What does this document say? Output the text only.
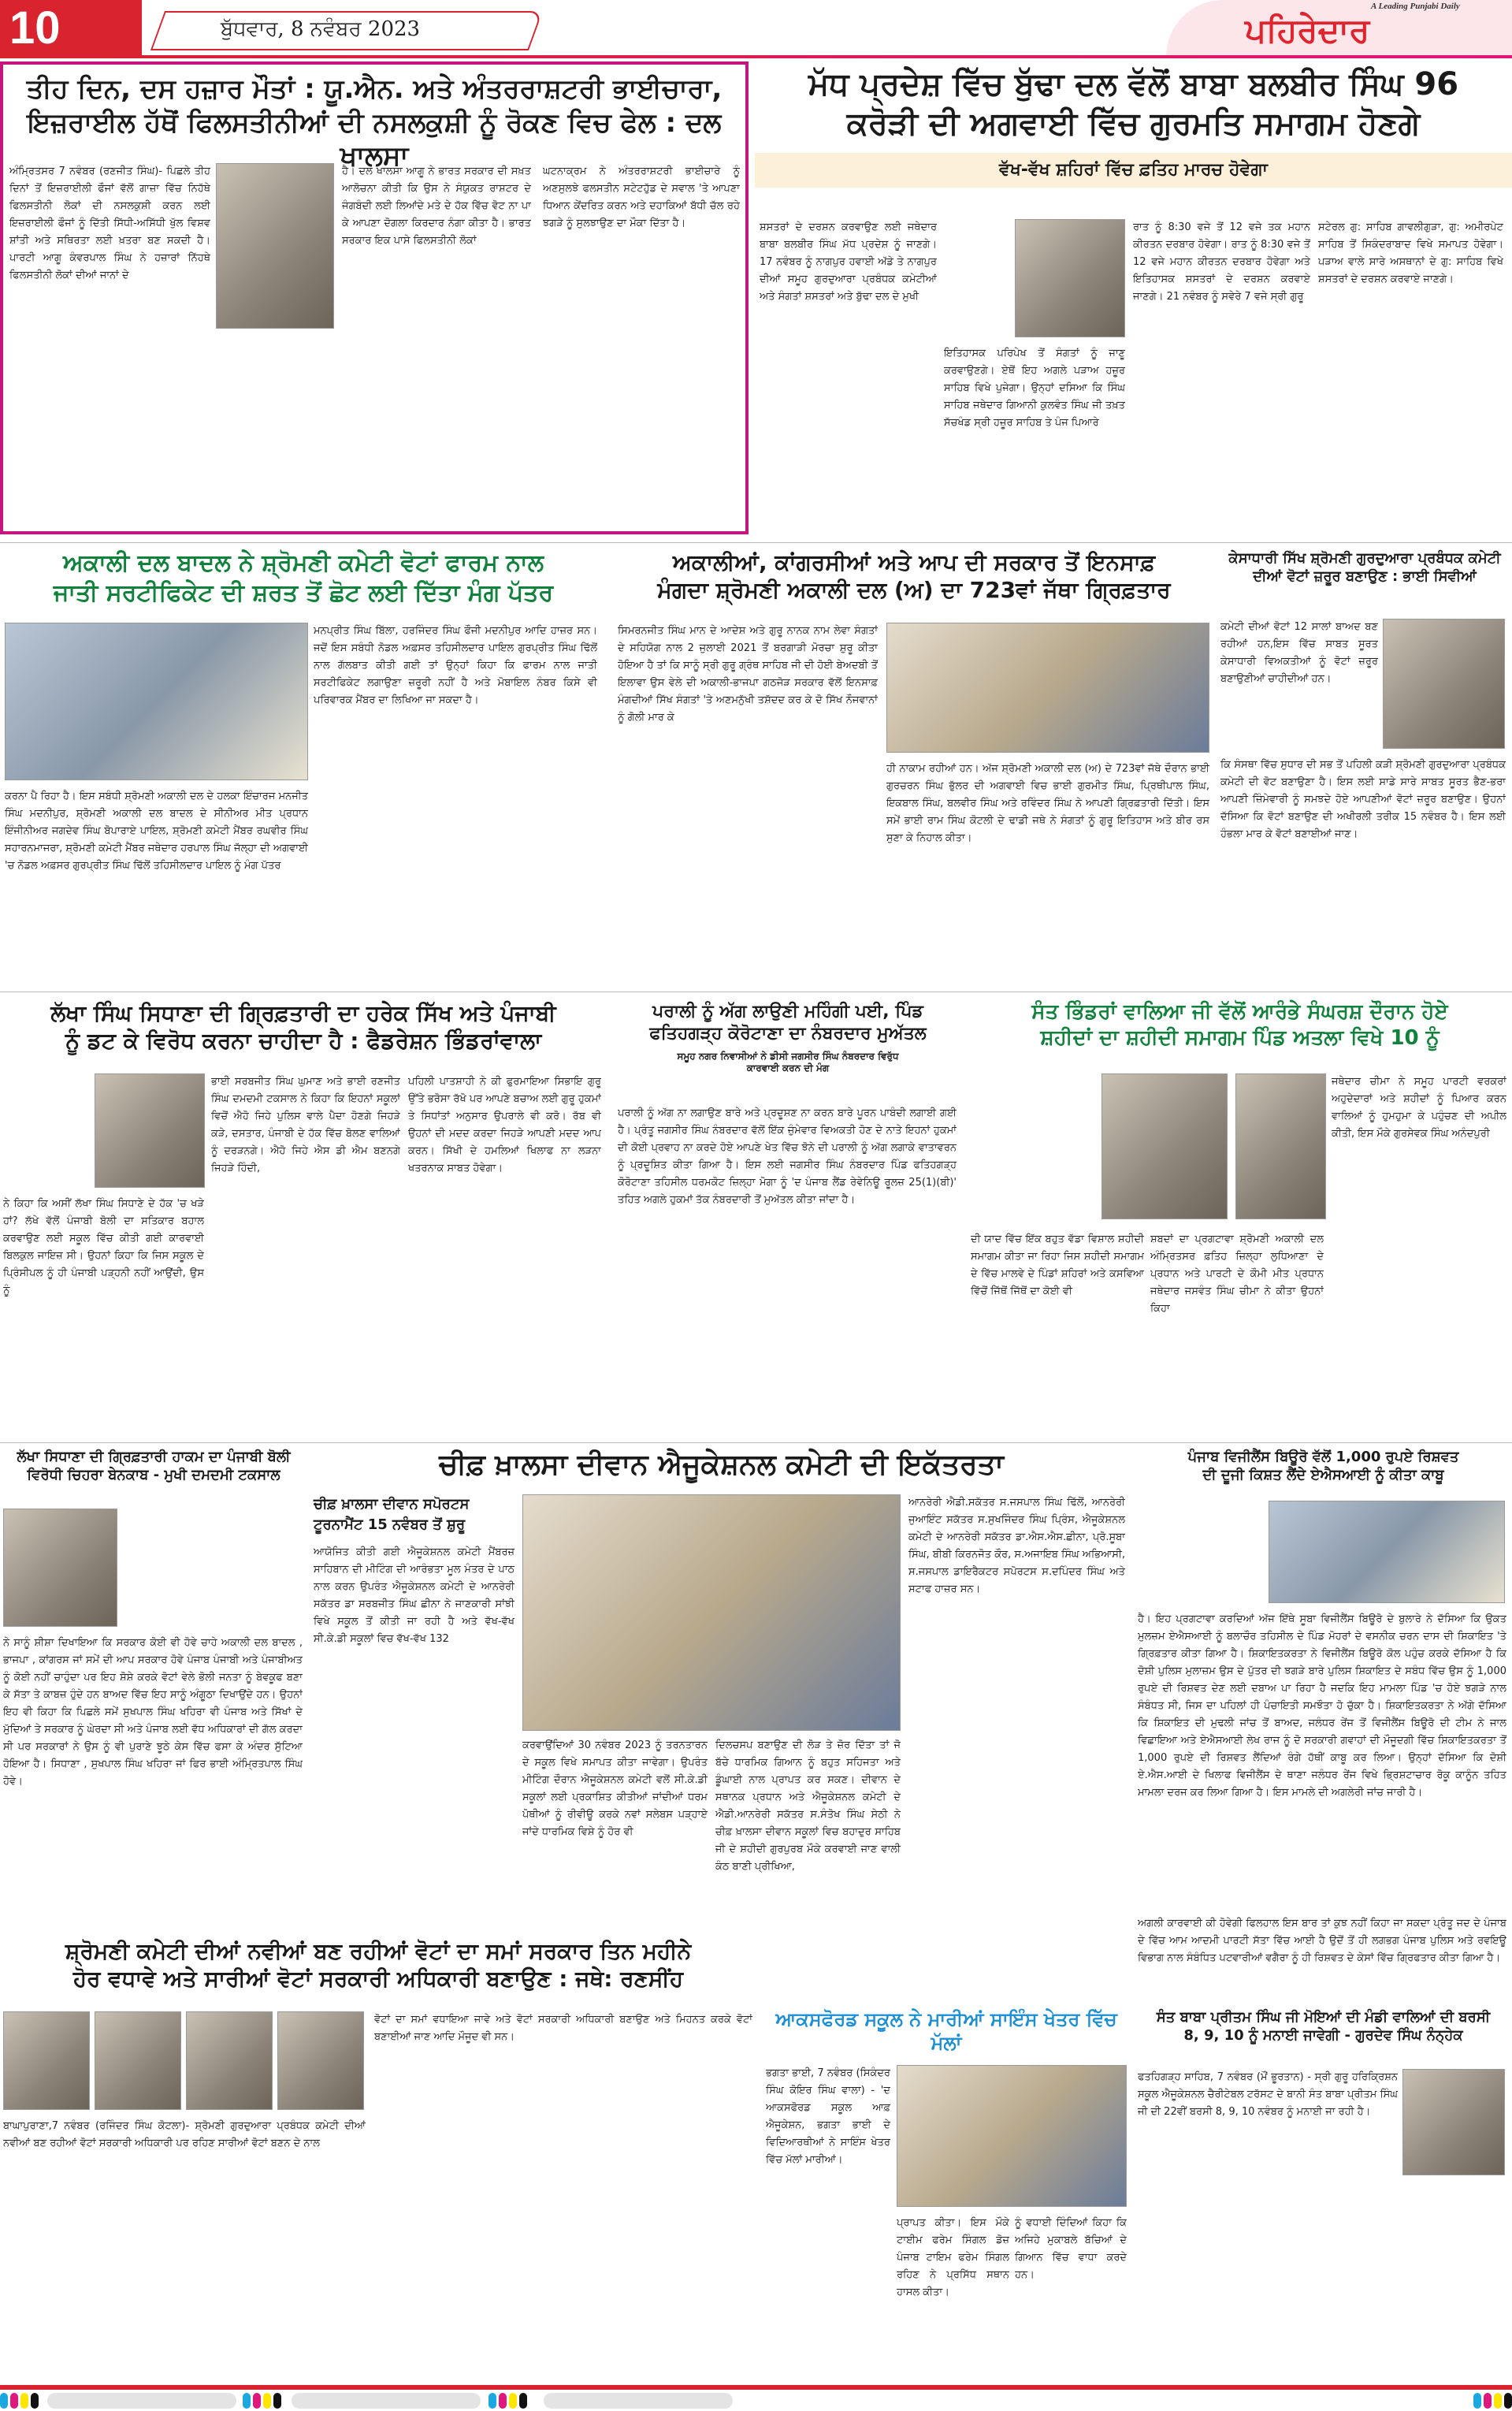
10	ਬੁੱਧਵਾਰ, 8 ਨਵੰਬਰ 2023	ਪਹਿਰੇਦਾਰ
A Leading Punjabi Daily
ਤੀਹ ਦਿਨ, ਦਸ ਹਜ਼ਾਰ ਮੌਤਾਂ : ਯੂ.ਐਨ. ਅਤੇ ਅੰਤਰਰਾਸ਼ਟਰੀ ਭਾਈਚਾਰਾ,
ਇਜ਼ਰਾਈਲ ਹੱਥੋਂ ਫਿਲਸਤੀਨੀਆਂ ਦੀ ਨਸਲਕੁਸ਼ੀ ਨੂੰ ਰੋਕਣ ਵਿਚ ਫੇਲ : ਦਲ ਖਾਲਸਾ
ਅੰਮ੍ਰਿਤਸਰ 7 ਨਵੰਬਰ (ਰਣਜੀਤ ਸਿੰਘ)- ਪਿਛਲੇ ਤੀਹ ਦਿਨਾਂ ਤੋਂ ਇਜ਼ਰਾਈਲੀ ਫੌਜਾਂ ਵੱਲੋਂ ਗਾਜ਼ਾ ਵਿੱਚ ਨਿਹੱਥੇ ਫਿਲਸਤੀਨੀ ਲੋਕਾਂ ਦੀ ਨਸਲਕੁਸ਼ੀ ਕਰਨ ਲਈ ਇਜ਼ਰਾਈਲੀ ਫੌਜਾਂ ਨੂੰ ਦਿੱਤੀ ਸਿੱਧੀ-ਅਸਿੱਧੀ ਖੁੱਲ ਵਿਸ਼ਵ ਸ਼ਾਂਤੀ ਅਤੇ ਸਥਿਰਤਾ ਲਈ ਖ਼ਤਰਾ ਬਣ ਸਕਦੀ ਹੈ। ਪਾਰਟੀ ਆਗੂ ਕੰਵਰਪਾਲ ਸਿੰਘ ਨੇ ਹਜ਼ਾਰਾਂ ਨਿੱਹਥੇ ਫਿਲਸਤੀਨੀ ਲੋਕਾਂ ਦੀਆਂ ਜਾਨਾਂ ਦੇ
ਹੈ। ਦਲ ਖਾਲਸਾ ਆਗੂ ਨੇ ਭਾਰਤ ਸਰਕਾਰ ਦੀ ਸਖ਼ਤ ਆਲੋਚਨਾ ਕੀਤੀ ਕਿ ਉਸ ਨੇ ਸੰਯੁਕਤ ਰਾਸ਼ਟਰ ਦੇ ਜੰਗਬੰਦੀ ਲਈ ਲਿਆਂਦੇ ਮਤੇ ਦੇ ਹੱਕ ਵਿੱਚ ਵੋਟ ਨਾ ਪਾ ਕੇ ਆਪਣਾ ਦੋਗਲਾ ਕਿਰਦਾਰ ਨੰਗਾ ਕੀਤਾ ਹੈ। ਭਾਰਤ ਸਰਕਾਰ ਇਕ ਪਾਸੇ ਫਿਲਸਤੀਨੀ ਲੋਕਾਂ
ਘਟਨਾਕ੍ਰਮ ਨੇ ਅੰਤਰਰਾਸ਼ਟਰੀ ਭਾਈਚਾਰੇ ਨੂੰ ਅਣਸੁਲਝੇ ਫਲਸਤੀਨ ਸਟੇਟਹੁੱਡ ਦੇ ਸਵਾਲ 'ਤੇ ਆਪਣਾ ਧਿਆਨ ਕੇਂਦਰਿਤ ਕਰਨ ਅਤੇ ਦਹਾਕਿਆਂ ਬੱਧੀ ਚੱਲ ਰਹੇ ਝਗੜੇ ਨੂੰ ਸੁਲਝਾਉਣ ਦਾ ਮੌਕਾ ਦਿੱਤਾ ਹੈ।
ਮੱਧ ਪ੍ਰਦੇਸ਼ ਵਿੱਚ ਬੁੱਢਾ ਦਲ ਵੱਲੋਂ ਬਾਬਾ ਬਲਬੀਰ ਸਿੰਘ 96
ਕਰੋੜੀ ਦੀ ਅਗਵਾਈ ਵਿੱਚ ਗੁਰਮਤਿ ਸਮਾਗਮ ਹੋਣਗੇ
ਵੱਖ-ਵੱਖ ਸ਼ਹਿਰਾਂ ਵਿੱਚ ਫ਼ਤਿਹ ਮਾਰਚ ਹੋਵੇਗਾ
ਸ਼ਸਤਰਾਂ ਦੇ ਦਰਸ਼ਨ ਕਰਵਾਉਣ ਲਈ ਜਥੇਦਾਰ ਬਾਬਾ ਬਲਬੀਰ ਸਿੰਘ ਮੱਧ ਪ੍ਰਦੇਸ਼ ਨੂੰ ਜਾਣਗੇ। 17 ਨਵੰਬਰ ਨੂੰ ਨਾਗਪੁਰ ਹਵਾਈ ਅੱਡੇ ਤੇ ਨਾਗਪੁਰ ਦੀਆਂ ਸਮੂਹ ਗੁਰਦੁਆਰਾ ਪ੍ਰਬੰਧਕ ਕਮੇਟੀਆਂ ਅਤੇ ਸੰਗਤਾਂ ਸ਼ਸਤਰਾਂ ਅਤੇ ਬੁੱਢਾ ਦਲ ਦੇ ਮੁਖੀ
ਇਤਿਹਾਸਕ ਪਰਿਪੇਖ ਤੋਂ ਸੰਗਤਾਂ ਨੂੰ ਜਾਣੂ ਕਰਵਾਉਣਗੇ। ਏਥੋਂ ਇਹ ਅਗਲੇ ਪੜਾਅ ਹਜ਼ੂਰ ਸਾਹਿਬ ਵਿਖੇ ਪੁਜੇਗਾ। ਉਨ੍ਹਾਂ ਦਸਿਆ ਕਿ ਸਿੰਘ ਸਾਹਿਬ ਜਥੇਦਾਰ ਗਿਆਨੀ ਕੁਲਵੰਤ ਸਿੰਘ ਜੀ ਤਖ਼ਤ ਸੱਚਖੰਡ ਸ੍ਰੀ ਹਜ਼ੂਰ ਸਾਹਿਬ ਤੇ ਪੰਜ ਪਿਆਰੇ
ਰਾਤ ਨੂੰ 8:30 ਵਜੇ ਤੋਂ 12 ਵਜੇ ਤਕ ਮਹਾਨ ਕੀਰਤਨ ਦਰਬਾਰ ਹੋਵੇਗਾ। ਰਾਤ ਨੂੰ 8:30 ਵਜੇ ਤੋਂ 12 ਵਜੇ ਮਹਾਨ ਕੀਰਤਨ ਦਰਬਾਰ ਹੋਵੇਗਾ ਅਤੇ ਇਤਿਹਾਸਕ ਸ਼ਸਤਰਾਂ ਦੇ ਦਰਸ਼ਨ ਕਰਵਾਏ ਜਾਣਗੇ। 21 ਨਵੰਬਰ ਨੂੰ ਸਵੇਰੇ 7 ਵਜੇ ਸ੍ਰੀ ਗੁਰੂ
ਸਟੇਰਲ ਗੁ: ਸਾਹਿਬ ਗਾਵਲੀਗੁੜਾ, ਗੁ: ਅਮੀਰਪੇਟ ਸਾਹਿਬ ਤੋਂ ਸਿਕੰਦਰਾਬਾਦ ਵਿਖੇ ਸਮਾਪਤ ਹੋਵੇਗਾ। ਪੜਾਅ ਵਾਲੇ ਸਾਰੇ ਅਸਥਾਨਾਂ ਦੇ ਗੁ: ਸਾਹਿਬ ਵਿਖੇ ਸ਼ਸਤਰਾਂ ਦੇ ਦਰਸ਼ਨ ਕਰਵਾਏ ਜਾਣਗੇ।
ਅਕਾਲੀ ਦਲ ਬਾਦਲ ਨੇ ਸ਼੍ਰੋਮਣੀ ਕਮੇਟੀ ਵੋਟਾਂ ਫਾਰਮ ਨਾਲ
ਜਾਤੀ ਸਰਟੀਫਿਕੇਟ ਦੀ ਸ਼ਰਤ ਤੋਂ ਛੋਟ ਲਈ ਦਿੱਤਾ ਮੰਗ ਪੱਤਰ
ਮਨਪ੍ਰੀਤ ਸਿੰਘ ਬਿੱਲਾ, ਹਰਜਿੰਦਰ ਸਿੰਘ ਫੌਜੀ ਮਦਨੀਪੁਰ ਆਦਿ ਹਾਜ਼ਰ ਸਨ। ਜਦੋਂ ਇਸ ਸਬੰਧੀ ਨੋਡਲ ਅਫ਼ਸਰ ਤਹਿਸੀਲਦਾਰ ਪਾਇਲ ਗੁਰਪ੍ਰੀਤ ਸਿੰਘ ਢਿੱਲੋਂ ਨਾਲ ਗੱਲਬਾਤ ਕੀਤੀ ਗਈ ਤਾਂ ਉਨ੍ਹਾਂ ਕਿਹਾ ਕਿ ਫਾਰਮ ਨਾਲ ਜਾਤੀ ਸਰਟੀਫਿਕੇਟ ਲਗਾਉਣਾ ਜ਼ਰੂਰੀ ਨਹੀਂ ਹੈ ਅਤੇ ਮੋਬਾਇਲ ਨੰਬਰ ਕਿਸੇ ਵੀ ਪਰਿਵਾਰਕ ਮੈਂਬਰ ਦਾ ਲਿਖਿਆ ਜਾ ਸਕਦਾ ਹੈ।
ਕਰਨਾ ਪੈ ਰਿਹਾ ਹੈ। ਇਸ ਸਬੰਧੀ ਸ਼੍ਰੋਮਣੀ ਅਕਾਲੀ ਦਲ ਦੇ ਹਲਕਾ ਇੰਚਾਰਜ ਮਨਜੀਤ ਸਿੰਘ ਮਦਨੀਪੁਰ, ਸ਼੍ਰੋਮਣੀ ਅਕਾਲੀ ਦਲ ਬਾਦਲ ਦੇ ਸੀਨੀਅਰ ਮੀਤ ਪ੍ਰਧਾਨ ਇੰਜੀਨੀਅਰ ਜਗਦੇਵ ਸਿੰਘ ਬੋਪਾਰਾਏ ਪਾਇਲ, ਸ਼੍ਰੋਮਣੀ ਕਮੇਟੀ ਮੈਂਬਰ ਰਘਵੀਰ ਸਿੰਘ ਸਹਾਰਨਮਾਜਰਾ, ਸ਼੍ਰੋਮਣੀ ਕਮੇਟੀ ਮੈਂਬਰ ਜਥੇਦਾਰ ਹਰਪਾਲ ਸਿੰਘ ਜੱਲ੍ਹਾ ਦੀ ਅਗਵਾਈ 'ਚ ਨੋਡਲ ਅਫ਼ਸਰ ਗੁਰਪ੍ਰੀਤ ਸਿੰਘ ਢਿੱਲੋਂ ਤਹਿਸੀਲਦਾਰ ਪਾਇਲ ਨੂੰ ਮੰਗ ਪੱਤਰ
ਅਕਾਲੀਆਂ, ਕਾਂਗਰਸੀਆਂ ਅਤੇ ਆਪ ਦੀ ਸਰਕਾਰ ਤੋਂ ਇਨਸਾਫ਼
ਮੰਗਦਾ ਸ਼੍ਰੋਮਣੀ ਅਕਾਲੀ ਦਲ (ਅ) ਦਾ 723ਵਾਂ ਜੱਥਾ ਗ੍ਰਿਫ਼ਤਾਰ
ਸਿਮਰਨਜੀਤ ਸਿੰਘ ਮਾਨ ਦੇ ਆਦੇਸ਼ ਅਤੇ ਗੁਰੂ ਨਾਨਕ ਨਾਮ ਲੇਵਾ ਸੰਗਤਾਂ ਦੇ ਸਹਿਯੋਗ ਨਾਲ 2 ਜੁਲਾਈ 2021 ਤੋਂ ਬਰਗਾੜੀ ਮੋਰਚਾ ਸ਼ੁਰੂ ਕੀਤਾ ਹੋਇਆ ਹੈ ਤਾਂ ਕਿ ਸਾਨੂੰ ਸ੍ਰੀ ਗੁਰੂ ਗ੍ਰੰਥ ਸਾਹਿਬ ਜੀ ਦੀ ਹੋਈ ਬੇਅਦਬੀ ਤੋਂ ਇਲਾਵਾ ਉਸ ਵੇਲੇ ਦੀ ਅਕਾਲੀ-ਭਾਜਪਾ ਗਠਜੋੜ ਸਰਕਾਰ ਵੱਲੋਂ ਇਨਸਾਫ਼ ਮੰਗਦੀਆਂ ਸਿੱਖ ਸੰਗਤਾਂ 'ਤੇ ਅਣਮਨੁੱਖੀ ਤਸ਼ੱਦਦ ਕਰ ਕੇ ਦੋ ਸਿੱਖ ਨੌਜਵਾਨਾਂ ਨੂੰ ਗੋਲੀ ਮਾਰ ਕੇ
ਹੀ ਨਾਕਾਮ ਰਹੀਆਂ ਹਨ। ਅੱਜ ਸ਼੍ਰੋਮਣੀ ਅਕਾਲੀ ਦਲ (ਅ) ਦੇ 723ਵਾਂ ਜੱਥੇ ਦੌਰਾਨ ਭਾਈ ਗੁਰਚਰਨ ਸਿੰਘ ਭੁੱਲਰ ਦੀ ਅਗਵਾਈ ਵਿਚ ਭਾਈ ਗੁਰਮੀਤ ਸਿੰਘ, ਪ੍ਰਿਥੀਪਾਲ ਸਿੰਘ, ਇਕਬਾਲ ਸਿੰਘ, ਬਲਵੀਰ ਸਿੰਘ ਅਤੇ ਰਵਿੰਦਰ ਸਿੰਘ ਨੇ ਆਪਣੀ ਗ੍ਰਿਫ਼ਤਾਰੀ ਦਿੱਤੀ। ਇਸ ਸਮੇਂ ਭਾਈ ਰਾਮ ਸਿੰਘ ਕੋਟਲੀ ਦੇ ਢਾਡੀ ਜਥੇ ਨੇ ਸੰਗਤਾਂ ਨੂੰ ਗੁਰੂ ਇਤਿਹਾਸ ਅਤੇ ਬੀਰ ਰਸ ਸੁਣਾ ਕੇ ਨਿਹਾਲ ਕੀਤਾ।
ਕੇਸਾਧਾਰੀ ਸਿੱਖ ਸ਼੍ਰੋਮਣੀ ਗੁਰਦੁਆਰਾ ਪ੍ਰਬੰਧਕ ਕਮੇਟੀ
ਦੀਆਂ ਵੋਟਾਂ ਜ਼ਰੂਰ ਬਣਾਉਣ : ਭਾਈ ਸਿਵੀਆਂ
ਕਮੇਟੀ ਦੀਆਂ ਵੋਟਾਂ 12 ਸਾਲਾਂ ਬਾਅਦ ਬਣ ਰਹੀਆਂ ਹਨ,ਇਸ ਵਿੱਚ ਸਾਬਤ ਸੂਰਤ ਕੇਸਾਧਾਰੀ ਵਿਅਕਤੀਆਂ ਨੂੰ ਵੋਟਾਂ ਜ਼ਰੂਰ ਬਣਾਉਣੀਆਂ ਚਾਹੀਦੀਆਂ ਹਨ।
ਕਿ ਸੰਸਥਾ ਵਿੱਚ ਸੁਧਾਰ ਦੀ ਸਭ ਤੋਂ ਪਹਿਲੀ ਕੜੀ ਸ਼੍ਰੋਮਣੀ ਗੁਰਦੁਆਰਾ ਪ੍ਰਬੰਧਕ ਕਮੇਟੀ ਦੀ ਵੋਟ ਬਣਾਉਣਾ ਹੈ। ਇਸ ਲਈ ਸਾਡੇ ਸਾਰੇ ਸਾਬਤ ਸੂਰਤ ਭੈਣ-ਭਰਾ ਆਪਣੀ ਜ਼ਿੰਮੇਵਾਰੀ ਨੂੰ ਸਮਝਦੇ ਹੋਏ ਆਪਣੀਆਂ ਵੋਟਾਂ ਜ਼ਰੂਰ ਬਣਾਉਣ। ਉਹਨਾਂ ਦੱਸਿਆ ਕਿ ਵੋਟਾਂ ਬਣਾਉਣ ਦੀ ਅਖੀਰਲੀ ਤਰੀਕ 15 ਨਵੰਬਰ ਹੈ। ਇਸ ਲਈ ਹੰਭਲਾ ਮਾਰ ਕੇ ਵੋਟਾਂ ਬਣਾਈਆਂ ਜਾਣ।
ਲੱਖਾ ਸਿੰਘ ਸਿਧਾਣਾ ਦੀ ਗ੍ਰਿਫ਼ਤਾਰੀ ਦਾ ਹਰੇਕ ਸਿੱਖ ਅਤੇ ਪੰਜਾਬੀ
ਨੂੰ ਡਟ ਕੇ ਵਿਰੋਧ ਕਰਨਾ ਚਾਹੀਦਾ ਹੈ : ਫੈਡਰੇਸ਼ਨ ਭਿੰਡਰਾਂਵਾਲਾ
ਨੇ ਕਿਹਾ ਕਿ ਅਸੀਂ ਲੱਖਾ ਸਿੰਘ ਸਿਧਾਣੇ ਦੇ ਹੱਕ 'ਚ ਖੜੇ ਹਾਂ? ਲੱਖੇ ਵੱਲੋਂ ਪੰਜਾਬੀ ਬੋਲੀ ਦਾ ਸਤਿਕਾਰ ਬਹਾਲ ਕਰਵਾਉਣ ਲਈ ਸਕੂਲ ਵਿੱਚ ਕੀਤੀ ਗਈ ਕਾਰਵਾਈ ਬਿਲਕੁਲ ਜਾਇਜ਼ ਸੀ। ਉਹਨਾਂ ਕਿਹਾ ਕਿ ਜਿਸ ਸਕੂਲ ਦੇ ਪ੍ਰਿੰਸੀਪਲ ਨੂੰ ਹੀ ਪੰਜਾਬੀ ਪੜ੍ਹਨੀ ਨਹੀਂ ਆਉਂਦੀ, ਉਸ ਨੂੰ
ਭਾਈ ਸਰਬਜੀਤ ਸਿੰਘ ਘੁਮਾਣ ਅਤੇ ਭਾਈ ਰਣਜੀਤ ਸਿੰਘ ਦਮਦਮੀ ਟਕਸਾਲ ਨੇ ਕਿਹਾ ਕਿ ਇਹਨਾਂ ਸਕੂਲਾਂ ਵਿਚੋਂ ਐਹੋ ਜਿਹੇ ਪੁਲਿਸ ਵਾਲੇ ਪੈਦਾ ਹੋਣਗੇ ਜਿਹੜੇ ਕੜੇ, ਦਸਤਾਰ, ਪੰਜਾਬੀ ਦੇ ਹੱਕ ਵਿੱਚ ਬੋਲਣ ਵਾਲਿਆਂ ਨੂੰ ਦਰੜਨਗੇ। ਐਹੋ ਜਿਹੇ ਐਸ ਡੀ ਐਮ ਬਣਨਗੇ ਜਿਹੜੇ ਹਿੰਦੀ,
ਪਹਿਲੀ ਪਾਤਸ਼ਾਹੀ ਨੇ ਕੀ ਫੁਰਮਾਇਆ ਸਿਭਾਇ ਗੁਰੂ ਉੱਤੇ ਭਰੋਸਾ ਰੱਖੋ ਪਰ ਆਪਣੇ ਬਚਾਅ ਲਈ ਗੁਰੂ ਹੁਕਮਾਂ ਤੇ ਸਿਧਾਂਤਾਂ ਅਨੁਸਾਰ ਉਪਰਾਲੇ ਵੀ ਕਰੋ। ਰੱਬ ਵੀ ਉਹਨਾਂ ਦੀ ਮਦਦ ਕਰਦਾ ਜਿਹੜੇ ਆਪਣੀ ਮਦਦ ਆਪ ਕਰਨ। ਸਿੱਖੀ ਦੇ ਹਮਲਿਆਂ ਖਿਲਾਫ ਨਾ ਲੜਨਾ ਖਤਰਨਾਕ ਸਾਬਤ ਹੋਵੇਗਾ।
ਪਰਾਲੀ ਨੂੰ ਅੱਗ ਲਾਉਣੀ ਮਹਿੰਗੀ ਪਈ, ਪਿੰਡ
ਫਤਿਹਗੜ੍ਹ ਕੋਰੋਟਾਣਾ ਦਾ ਨੰਬਰਦਾਰ ਮੁਅੱਤਲ
ਸਮੂਹ ਨਗਰ ਨਿਵਾਸੀਆਂ ਨੇ ਡੀਸੀ ਜਗਸੀਰ ਸਿੰਘ ਨੰਬਰਦਾਰ ਵਿਰੁੱਧ
ਕਾਰਵਾਈ ਕਰਨ ਦੀ ਮੰਗ
ਪਰਾਲੀ ਨੂੰ ਅੱਗ ਨਾ ਲਗਾਉਣ ਬਾਰੇ ਅਤੇ ਪ੍ਰਦੂਸ਼ਣ ਨਾ ਕਰਨ ਬਾਰੇ ਪੂਰਨ ਪਾਬੰਦੀ ਲਗਾਈ ਗਈ ਹੈ। ਪ੍ਰੰਤੂ ਜਗਸੀਰ ਸਿੰਘ ਨੰਬਰਦਾਰ ਵੱਲੋਂ ਇੱਕ ਜ਼ੁੰਮੇਵਾਰ ਵਿਅਕਤੀ ਹੋਣ ਦੇ ਨਾਤੇ ਇਹਨਾਂ ਹੁਕਮਾਂ ਦੀ ਕੋਈ ਪ੍ਰਵਾਹ ਨਾ ਕਰਦੇ ਹੋਏ ਆਪਣੇ ਖੇਤ ਵਿੱਚ ਝੋਨੇ ਦੀ ਪਰਾਲੀ ਨੂੰ ਅੱਗ ਲਗਾਕੇ ਵਾਤਾਵਰਨ ਨੂੰ ਪ੍ਰਦੂਸ਼ਿਤ ਕੀਤਾ ਗਿਆ ਹੈ। ਇਸ ਲਈ ਜਗਸੀਰ ਸਿੰਘ ਨੰਬਰਦਾਰ ਪਿੰਡ ਫਤਿਹਗੜ੍ਹ ਕੋਰੋਟਾਣਾ ਤਹਿਸੀਲ ਧਰਮਕੋਟ ਜ਼ਿਲ੍ਹਾ ਮੋਗਾ ਨੂੰ 'ਦ ਪੰਜਾਬ ਲੈਂਡ ਰੇਵੇਨਿਊ ਰੂਲਜ਼ 25(1)(ਬੀ)' ਤਹਿਤ ਅਗਲੇ ਹੁਕਮਾਂ ਤੱਕ ਨੰਬਰਦਾਰੀ ਤੋਂ ਮੁਅੱਤਲ ਕੀਤਾ ਜਾਂਦਾ ਹੈ।
ਸੰਤ ਭਿੰਡਰਾਂ ਵਾਲਿਆ ਜੀ ਵੱਲੋਂ ਆਰੰਭੇ ਸੰਘਰਸ਼ ਦੌਰਾਨ ਹੋਏ
ਸ਼ਹੀਦਾਂ ਦਾ ਸ਼ਹੀਦੀ ਸਮਾਗਮ ਪਿੰਡ ਅਤਲਾ ਵਿਖੇ 10 ਨੂੰ
ਦੀ ਯਾਦ ਵਿੱਚ ਇੱਕ ਬਹੁਤ ਵੱਡਾ ਵਿਸ਼ਾਲ ਸ਼ਹੀਦੀ ਸਮਾਗਮ ਕੀਤਾ ਜਾ ਰਿਹਾ ਜਿਸ ਸ਼ਹੀਦੀ ਸਮਾਗਮ ਦੇ ਵਿੱਚ ਮਾਲਵੇ ਦੇ ਪਿੰਡਾਂ ਸ਼ਹਿਰਾਂ ਅਤੇ ਕਸਵਿਆ ਵਿੱਚੋਂ ਜਿੱਥੋਂ ਜਿੱਥੋਂ ਦਾ ਕੋਈ ਵੀ
ਸ਼ਬਦਾਂ ਦਾ ਪ੍ਰਗਟਾਵਾ ਸ਼੍ਰੋਮਣੀ ਅਕਾਲੀ ਦਲ ਅੰਮ੍ਰਿਤਸਰ ਫ਼ਤਿਹ ਜ਼ਿਲ੍ਹਾ ਲੁਧਿਆਣਾ ਦੇ ਪ੍ਰਧਾਨ ਅਤੇ ਪਾਰਟੀ ਦੇ ਕੌਮੀ ਮੀਤ ਪ੍ਰਧਾਨ ਜਥੇਦਾਰ ਜਸਵੰਤ ਸਿੰਘ ਚੀਮਾ ਨੇ ਕੀਤਾ ਉਹਨਾਂ ਕਿਹਾ
ਜਥੇਦਾਰ ਚੀਮਾ ਨੇ ਸਮੂਹ ਪਾਰਟੀ ਵਰਕਰਾਂ ਅਹੁਦੇਦਾਰਾਂ ਅਤੇ ਸ਼ਹੀਦਾਂ ਨੂੰ ਪਿਆਰ ਕਰਨ ਵਾਲਿਆਂ ਨੂੰ ਹੁਮਹੁਮਾ ਕੇ ਪਹੁੰਚਣ ਦੀ ਅਪੀਲ ਕੀਤੀ, ਇਸ ਮੌਕੇ ਗੁਰਸੇਵਕ ਸਿੰਘ ਅਨੰਦਪੁਰੀ
ਲੱਖਾ ਸਿਧਾਣਾ ਦੀ ਗ੍ਰਿਫ਼ਤਾਰੀ ਹਾਕਮ ਦਾ ਪੰਜਾਬੀ ਬੋਲੀ
ਵਿਰੋਧੀ ਚਿਹਰਾ ਬੇਨਕਾਬ - ਮੁਖੀ ਦਮਦਮੀ ਟਕਸਾਲ
ਨੇ ਸਾਨੂੰ ਸ਼ੀਸ਼ਾ ਦਿਖਾਇਆ ਕਿ ਸਰਕਾਰ ਕੋਈ ਵੀ ਹੋਵੇ ਚਾਹੇ ਅਕਾਲੀ ਦਲ ਬਾਦਲ , ਭਾਜਪਾ , ਕਾਂਗਰਸ ਜਾਂ ਸਮੇਂ ਦੀ ਆਪ ਸਰਕਾਰ ਹੋਵੇ ਪੰਜਾਬ ਪੰਜਾਬੀ ਅਤੇ ਪੰਜਾਬੀਅਤ ਨੂੰ ਕੋਈ ਨਹੀਂ ਚਾਹੁੰਦਾ ਪਰ ਇਹ ਸ਼ੋਸ਼ੇ ਕਰਕੇ ਵੋਟਾਂ ਵੇਲੇ ਭੋਲੀ ਜਨਤਾ ਨੂੰ ਬੇਵਕੂਫ ਬਣਾ ਕੇ ਸੱਤਾ ਤੇ ਕਾਬਜ਼ ਹੁੰਦੇ ਹਨ ਬਾਅਦ ਵਿੱਚ ਇਹ ਸਾਨੂੰ ਅੰਗੂਠਾ ਦਿਖਾਉਂਦੇ ਹਨ। ਉਹਨਾਂ ਇਹ ਵੀ ਕਿਹਾ ਕਿ ਪਿਛਲੇ ਸਮੇਂ ਸੁਖਪਾਲ ਸਿੰਘ ਖਹਿਰਾ ਵੀ ਪੰਜਾਬ ਅਤੇ ਸਿੱਖਾਂ ਦੇ ਮੁੱਦਿਆਂ ਤੇ ਸਰਕਾਰ ਨੂੰ ਘੇਰਦਾ ਸੀ ਅਤੇ ਪੰਜਾਬ ਲਈ ਵੱਧ ਅਧਿਕਾਰਾਂ ਦੀ ਗੱਲ ਕਰਦਾ ਸੀ ਪਰ ਸਰਕਾਰਾਂ ਨੇ ਉਸ ਨੂੰ ਵੀ ਪੁਰਾਣੇ ਝੂਠੇ ਕੇਸ ਵਿੱਚ ਫਸਾ ਕੇ ਅੰਦਰ ਸੁੱਟਿਆ ਹੋਇਆ ਹੈ। ਸਿਧਾਣਾ , ਸੁਖਪਾਲ ਸਿੰਘ ਖਹਿਰਾ ਜਾਂ ਫਿਰ ਭਾਈ ਅੰਮ੍ਰਿਤਪਾਲ ਸਿੰਘ ਹੋਵੇ।
ਚੀਫ਼ ਖ਼ਾਲਸਾ ਦੀਵਾਨ ਐਜੂਕੇਸ਼ਨਲ ਕਮੇਟੀ ਦੀ ਇਕੱਤਰਤਾ
ਚੀਫ਼ ਖ਼ਾਲਸਾ ਦੀਵਾਨ ਸਪੋਰਟਸ
ਟੂਰਨਾਮੈਂਟ 15 ਨਵੰਬਰ ਤੋਂ ਸ਼ੁਰੂ
ਆਯੋਜਿਤ ਕੀਤੀ ਗਈ ਐਜੂਕੇਸ਼ਨਲ ਕਮੇਟੀ ਮੈਂਬਰਜ਼ ਸਾਹਿਬਾਨ ਦੀ ਮੀਟਿੰਗ ਦੀ ਆਰੰਭਤਾ ਮੂਲ ਮੰਤਰ ਦੇ ਪਾਠ ਨਾਲ ਕਰਨ ਉਪਰੰਤ ਐਜੂਕੇਸ਼ਨਲ ਕਮੇਟੀ ਦੇ ਆਨਰੇਰੀ ਸਕੱਤਰ ਡਾ ਸਰਬਜੀਤ ਸਿੰਘ ਛੀਨਾ ਨੇ ਜਾਣਕਾਰੀ ਸਾਂਝੀ ਵਿਖੇ ਸਕੂਲ ਤੋਂ ਕੀਤੀ ਜਾ ਰਹੀ ਹੈ ਅਤੇ ਵੱਖ-ਵੱਖ ਸੀ.ਕੇ.ਡੀ ਸਕੂਲਾਂ ਵਿਚ ਵੱਖ-ਵੱਖ 132
ਕਰਵਾਉਂਦਿਆਂ 30 ਨਵੰਬਰ 2023 ਨੂੰ ਤਰਨਤਾਰਨ ਦੇ ਸਕੂਲ ਵਿਖੇ ਸਮਾਪਤ ਕੀਤਾ ਜਾਵੇਗਾ। ਉਪਰੰਤ ਮੀਟਿੰਗ ਦੌਰਾਨ ਐਜੂਕੇਸ਼ਨਲ ਕਮੇਟੀ ਵਲੋਂ ਸੀ.ਕੇ.ਡੀ ਸਕੂਲਾਂ ਲਈ ਪ੍ਰਕਾਸ਼ਿਤ ਕੀਤੀਆਂ ਜਾਂਦੀਆਂ ਧਰਮ ਪੋਥੀਆਂ ਨੂੰ ਰੀਵੀਊ ਕਰਕੇ ਨਵਾਂ ਸਲੇਬਸ ਪੜ੍ਹਾਏ ਜਾਂਦੇ ਧਾਰਮਿਕ ਵਿਸ਼ੇ ਨੂੰ ਹੋਰ ਵੀ
ਦਿਲਚਸਪ ਬਣਾਉਣ ਦੀ ਲੋੜ ਤੇ ਜ਼ੋਰ ਦਿੱਤਾ ਤਾਂ ਜੋ ਬੱਚੇ ਧਾਰਮਿਕ ਗਿਆਨ ਨੂੰ ਬਹੁਤ ਸਹਿਜਤਾ ਅਤੇ ਡੂੰਘਾਈ ਨਾਲ ਪ੍ਰਾਪਤ ਕਰ ਸਕਣ। ਦੀਵਾਨ ਦੇ ਸਥਾਨਕ ਪ੍ਰਧਾਨ ਅਤੇ ਐਜੂਕੇਸ਼ਨਲ ਕਮੇਟੀ ਦੇ ਐਡੀ.ਆਨਰੇਰੀ ਸਕੱਤਰ ਸ.ਸੰਤੋਖ ਸਿੰਘ ਸੇਠੀ ਨੇ ਚੀਫ਼ ਖ਼ਾਲਸਾ ਦੀਵਾਨ ਸਕੂਲਾਂ ਵਿਚ ਬਹਾਦੁਰ ਸਾਹਿਬ ਜੀ ਦੇ ਸ਼ਹੀਦੀ ਗੁਰਪੁਰਬ ਮੌਕੇ ਕਰਵਾਈ ਜਾਣ ਵਾਲੀ ਕੰਠ ਬਾਣੀ ਪ੍ਰੀਖਿਆ,
ਆਨਰੇਰੀ ਐਡੀ.ਸਕੱਤਰ ਸ.ਜਸਪਾਲ ਸਿੰਘ ਢਿੱਲੋਂ, ਆਨਰੇਰੀ ਜੁਆਇੰਟ ਸਕੱਤਰ ਸ.ਸੁਖਜਿੰਦਰ ਸਿੰਘ ਪ੍ਰਿੰਸ, ਐਜੂਕੇਸ਼ਨਲ ਕਮੇਟੀ ਦੇ ਆਨਰੇਰੀ ਸਕੱਤਰ ਡਾ.ਐਸ.ਐਸ.ਛੀਨਾ, ਪ੍ਰੋ.ਸੂਬਾ ਸਿੰਘ, ਬੀਬੀ ਕਿਰਨਜੋਤ ਕੌਰ, ਸ.ਅਜਾਇਬ ਸਿੰਘ ਅਭਿਆਸੀ, ਸ.ਜਸਪਾਲ ਡਾਇਰੈਕਟਰ ਸਪੋਰਟਸ ਸ.ਦਪਿੰਦਰ ਸਿੰਘ ਅਤੇ ਸਟਾਫ ਹਾਜ਼ਰ ਸਨ।
ਪੰਜਾਬ ਵਿਜੀਲੈਂਸ ਬਿਊਰੋ ਵੱਲੋਂ 1,000 ਰੁਪਏ ਰਿਸ਼ਵਤ
ਦੀ ਦੂਜੀ ਕਿਸ਼ਤ ਲੈਂਦੇ ਏਐਸਆਈ ਨੂੰ ਕੀਤਾ ਕਾਬੂ
ਹੈ। ਇਹ ਪ੍ਰਗਟਾਵਾ ਕਰਦਿਆਂ ਅੱਜ ਇੱਥੇ ਸੂਬਾ ਵਿਜੀਲੈਂਸ ਬਿਊਰੋ ਦੇ ਬੁਲਾਰੇ ਨੇ ਦੱਸਿਆ ਕਿ ਉਕਤ ਮੁਲਜ਼ਮ ਏਐਸਆਈ ਨੂੰ ਬਲਾਚੌਰ ਤਹਿਸੀਲ ਦੇ ਪਿੰਡ ਮੋਹਰਾਂ ਦੇ ਵਸਨੀਕ ਚਰਨ ਦਾਸ ਦੀ ਸ਼ਿਕਾਇਤ 'ਤੇ ਗ੍ਰਿਫ਼ਤਾਰ ਕੀਤਾ ਗਿਆ ਹੈ। ਸ਼ਿਕਾਇਤਕਰਤਾ ਨੇ ਵਿਜੀਲੈਂਸ ਬਿਊਰੋ ਕੋਲ ਪਹੁੰਚ ਕਰਕੇ ਦੱਸਿਆ ਹੈ ਕਿ ਦੋਸ਼ੀ ਪੁਲਿਸ ਮੁਲਾਜ਼ਮ ਉਸ ਦੇ ਪੁੱਤਰ ਦੀ ਝਗੜੇ ਬਾਰੇ ਪੁਲਿਸ ਸ਼ਿਕਾਇਤ ਦੇ ਸਬੰਧ ਵਿੱਚ ਉਸ ਨੂੰ 1,000 ਰੁਪਏ ਦੀ ਰਿਸ਼ਵਤ ਦੇਣ ਲਈ ਦਬਾਅ ਪਾ ਰਿਹਾ ਹੈ ਜਦਕਿ ਇਹ ਮਾਮਲਾ ਪਿੰਡ 'ਚ ਹੋਏ ਝਗੜੇ ਨਾਲ ਸੰਬੰਧਤ ਸੀ, ਜਿਸ ਦਾ ਪਹਿਲਾਂ ਹੀ ਪੰਚਾਇਤੀ ਸਮਝੌਤਾ ਹੋ ਚੁੱਕਾ ਹੈ। ਸ਼ਿਕਾਇਤਕਰਤਾ ਨੇ ਅੱਗੇ ਦੱਸਿਆ ਕਿ ਸ਼ਿਕਾਇਤ ਦੀ ਮੁਢਲੀ ਜਾਂਚ ਤੋਂ ਬਾਅਦ, ਜਲੰਧਰ ਰੇਂਜ ਤੋਂ ਵਿਜੀਲੈਂਸ ਬਿਊਰੋ ਦੀ ਟੀਮ ਨੇ ਜਾਲ ਵਿਛਾਇਆ ਅਤੇ ਏਐਸਆਈ ਲੇਖ ਰਾਜ ਨੂੰ ਦੋ ਸਰਕਾਰੀ ਗਵਾਹਾਂ ਦੀ ਮੌਜੂਦਗੀ ਵਿੱਚ ਸ਼ਿਕਾਇਤਕਰਤਾ ਤੋਂ 1,000 ਰੁਪਏ ਦੀ ਰਿਸ਼ਵਤ ਲੈਂਦਿਆਂ ਰੰਗੇ ਹੱਥੀਂ ਕਾਬੂ ਕਰ ਲਿਆ। ਉਨ੍ਹਾਂ ਦੱਸਿਆ ਕਿ ਦੋਸ਼ੀ ਏ.ਐਸ.ਆਈ ਦੇ ਖਿਲਾਫ ਵਿਜੀਲੈਂਸ ਦੇ ਥਾਣਾ ਜਲੰਧਰ ਰੇਂਜ ਵਿਖੇ ਭ੍ਰਿਸ਼ਟਾਚਾਰ ਰੋਕੂ ਕਾਨੂੰਨ ਤਹਿਤ ਮਾਮਲਾ ਦਰਜ ਕਰ ਲਿਆ ਗਿਆ ਹੈ। ਇਸ ਮਾਮਲੇ ਦੀ ਅਗਲੇਰੀ ਜਾਂਚ ਜਾਰੀ ਹੈ।
ਅਗਲੀ ਕਾਰਵਾਈ ਕੀ ਹੋਵੇਗੀ ਫਿਲਹਾਲ ਇਸ ਬਾਰ ਤਾਂ ਕੁਝ ਨਹੀਂ ਕਿਹਾ ਜਾ ਸਕਦਾ ਪ੍ਰੰਤੂ ਜਦ ਦੇ ਪੰਜਾਬ ਦੇ ਵਿੱਚ ਆਮ ਆਦਮੀ ਪਾਰਟੀ ਸੱਤਾ ਵਿੱਚ ਆਈ ਹੈ ਉਦੋਂ ਤੋਂ ਹੀ ਲਗਭਗ ਪੰਜਾਬ ਪੁਲਿਸ ਅਤੇ ਰਵਇਊ ਵਿਭਾਗ ਨਾਲ ਸੰਬੰਧਿਤ ਪਟਵਾਰੀਆਂ ਵਗੈਰਾ ਨੂੰ ਹੀ ਰਿਸ਼ਵਤ ਦੇ ਕੇਸਾਂ ਵਿੱਚ ਗ੍ਰਿਫਤਾਰ ਕੀਤਾ ਗਿਆ ਹੈ।
ਸ਼੍ਰੋਮਣੀ ਕਮੇਟੀ ਦੀਆਂ ਨਵੀਆਂ ਬਣ ਰਹੀਆਂ ਵੋਟਾਂ ਦਾ ਸਮਾਂ ਸਰਕਾਰ ਤਿਨ ਮਹੀਨੇ
ਹੋਰ ਵਧਾਵੇ ਅਤੇ ਸਾਰੀਆਂ ਵੋਟਾਂ ਸਰਕਾਰੀ ਅਧਿਕਾਰੀ ਬਣਾਉਣ : ਜਥੇ: ਰਣਸੀਂਹ
ਬਾਘਾਪੁਰਾਣਾ,7 ਨਵੰਬਰ (ਰਜਿੰਦਰ ਸਿੰਘ ਕੋਟਲਾ)- ਸ਼੍ਰੋਮਣੀ ਗੁਰਦੁਆਰਾ ਪ੍ਰਬੰਧਕ ਕਮੇਟੀ ਦੀਆਂ ਨਵੀਆਂ ਬਣ ਰਹੀਆਂ ਵੋਟਾਂ ਸਰਕਾਰੀ ਅਧਿਕਾਰੀ ਪਰ ਰਹਿਣ ਸਾਰੀਆਂ ਵੋਟਾਂ ਬਣਨ ਦੇ ਨਾਲ
ਵੋਟਾਂ ਦਾ ਸਮਾਂ ਵਧਾਇਆ ਜਾਵੇ ਅਤੇ ਵੋਟਾਂ ਸਰਕਾਰੀ ਅਧਿਕਾਰੀ ਬਣਾਉਣ ਅਤੇ ਮਿਹਨਤ ਕਰਕੇ ਵੋਟਾਂ ਬਣਾਈਆਂ ਜਾਣ ਆਦਿ ਮੌਜੂਦ ਵੀ ਸਨ।
ਆਕਸਫੋਰਡ ਸਕੂਲ ਨੇ ਮਾਰੀਆਂ ਸਾਇੰਸ ਖੇਤਰ ਵਿੱਚ ਮੱਲਾਂ
ਭਗਤਾ ਭਾਈ, 7 ਨਵੰਬਰ (ਸਿਕੰਦਰ ਸਿੰਘ ਕੋਇਰ ਸਿੰਘ ਵਾਲਾ) - 'ਦ ਆਕਸਫੋਰਡ ਸਕੂਲ ਆਫ਼ ਐਜੂਕੇਸ਼ਨ, ਭਗਤਾ ਭਾਈ ਦੇ ਵਿਦਿਆਰਥੀਆਂ ਨੇ ਸਾਇੰਸ ਖੇਤਰ ਵਿੱਚ ਮੱਲਾਂ ਮਾਰੀਆਂ।
ਪ੍ਰਾਪਤ ਕੀਤਾ। ਇਸ ਮੌਕੇ ਟਾਈਮ ਫਰੇਮ ਸਿੰਗਲ ਡੋਜ਼ ਪੰਜਾਬ ਟਾਇਮ ਫਰੇਮ ਸਿੰਗਲ ਰਹਿਣ ਨੇ ਪ੍ਰਸਿੱਧ ਸਥਾਨ ਹਾਸਲ ਕੀਤਾ।
ਨੂੰ ਵਧਾਈ ਦਿੰਦਿਆਂ ਕਿਹਾ ਕਿ ਅਜਿਹੇ ਮੁਕਾਬਲੇ ਬੱਚਿਆਂ ਦੇ ਗਿਆਨ ਵਿੱਚ ਵਾਧਾ ਕਰਦੇ ਹਨ।
ਸੰਤ ਬਾਬਾ ਪ੍ਰੀਤਮ ਸਿੰਘ ਜੀ ਮੋਇਆਂ ਦੀ ਮੰਡੀ ਵਾਲਿਆਂ ਦੀ ਬਰਸੀ
8, 9, 10 ਨੂੰ ਮਨਾਈ ਜਾਵੇਗੀ - ਗੁਰਦੇਵ ਸਿੰਘ ਨੰਨ੍ਹੇਕ
ਫਤਹਿਗੜ੍ਹ ਸਾਹਿਬ, 7 ਨਵੰਬਰ (ਮੌਂ ਭੂਰਤਾਨ) - ਸ੍ਰੀ ਗੁਰੂ ਹਰਿਕ੍ਰਿਸ਼ਨ ਸਕੂਲ ਐਜੂਕੇਸ਼ਨਲ ਚੈਰੀਟੇਬਲ ਟਰੱਸਟ ਦੇ ਬਾਨੀ ਸੰਤ ਬਾਬਾ ਪ੍ਰੀਤਮ ਸਿੰਘ ਜੀ ਦੀ 22ਵੀਂ ਬਰਸੀ 8, 9, 10 ਨਵੰਬਰ ਨੂੰ ਮਨਾਈ ਜਾ ਰਹੀ ਹੈ।
